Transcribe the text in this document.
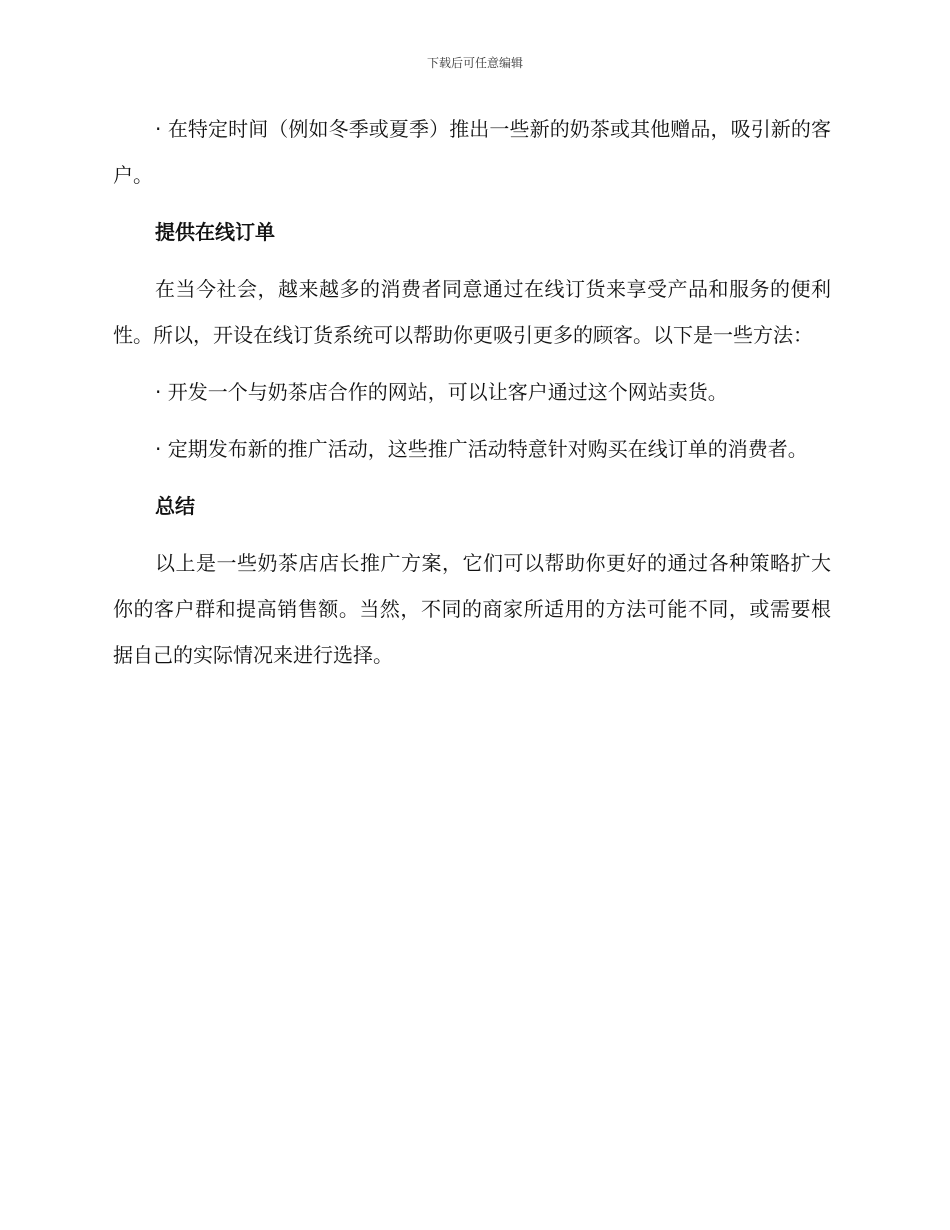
下载后可任意编辑

· 在特定时间（例如冬季或夏季）推出一些新的奶茶或其他赠品，吸引新的客户。

提供在线订单

在当今社会，越来越多的消费者同意通过在线订货来享受产品和服务的便利性。所以，开设在线订货系统可以帮助你更吸引更多的顾客。以下是一些方法：

· 开发一个与奶茶店合作的网站，可以让客户通过这个网站卖货。

· 定期发布新的推广活动，这些推广活动特意针对购买在线订单的消费者。

总结

以上是一些奶茶店店长推广方案，它们可以帮助你更好的通过各种策略扩大你的客户群和提高销售额。当然，不同的商家所适用的方法可能不同，或需要根据自己的实际情况来进行选择。
